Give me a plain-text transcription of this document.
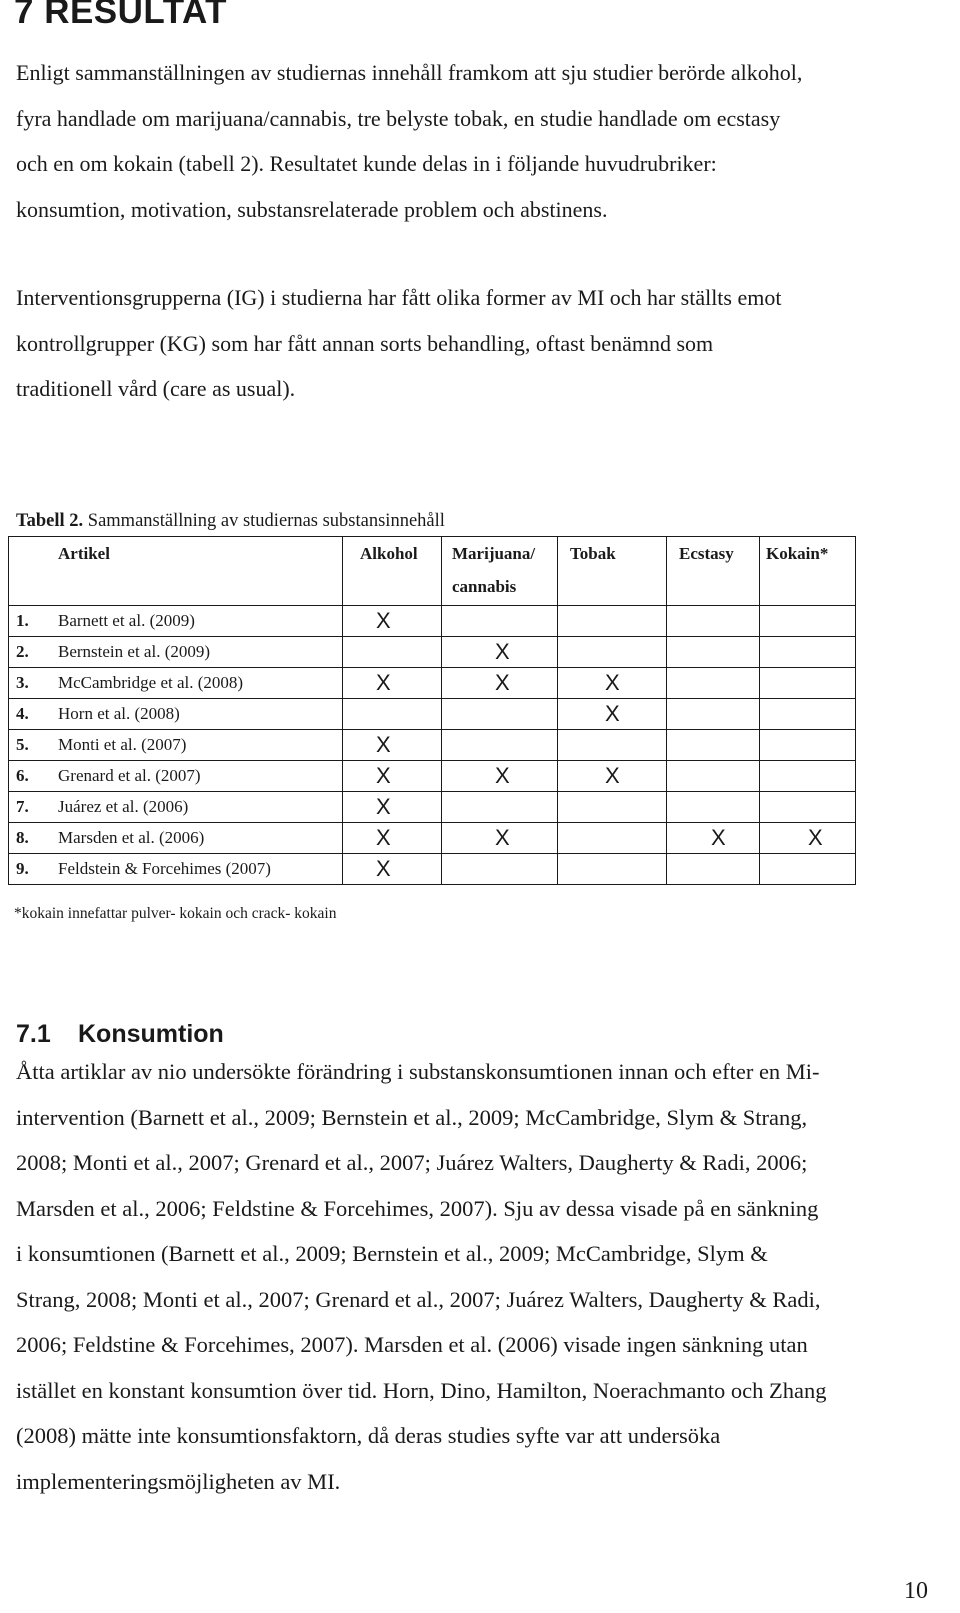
7 RESULTAT
Enligt sammanställningen av studiernas innehåll framkom att sju studier berörde alkohol,
fyra handlade om marijuana/cannabis, tre belyste tobak, en studie handlade om ecstasy
och en om kokain (tabell 2). Resultatet kunde delas in i följande huvudrubriker:
konsumtion, motivation, substansrelaterade problem och abstinens.
Interventionsgrupperna (IG) i studierna har fått olika former av MI och har ställts emot
kontrollgrupper (KG) som har fått annan sorts behandling, oftast benämnd som
traditionell vård (care as usual).

Tabell 2. Sammanställning av studiernas substansinnehåll

	Artikel	Alkohol	Marijuana/
cannabis	Tobak	Ecstasy	Kokain*

1.	Barnett et al. (2009)	X				

2.	Bernstein et al. (2009)		X			

3.	McCambridge et al. (2008)	X	X	X		

4.	Horn et al. (2008)			X		

5.	Monti et al. (2007)	X				

6.	Grenard et al. (2007)	X	X	X		

7.	Juárez et al. (2006)	X				

8.	Marsden et al. (2006)	X	X		X	X

9.	Feldstein & Forcehimes (2007)	X				

*kokain innefattar pulver- kokain och crack- kokain

7.1 Konsumtion
Åtta artiklar av nio undersökte förändring i substanskonsumtionen innan och efter en Mi-
intervention (Barnett et al., 2009; Bernstein et al., 2009; McCambridge, Slym & Strang,
2008; Monti et al., 2007; Grenard et al., 2007; Juárez Walters, Daugherty & Radi, 2006;
Marsden et al., 2006; Feldstine & Forcehimes, 2007). Sju av dessa visade på en sänkning
i konsumtionen (Barnett et al., 2009; Bernstein et al., 2009; McCambridge, Slym &
Strang, 2008; Monti et al., 2007; Grenard et al., 2007; Juárez Walters, Daugherty & Radi,
2006; Feldstine & Forcehimes, 2007). Marsden et al. (2006) visade ingen sänkning utan
istället en konstant konsumtion över tid. Horn, Dino, Hamilton, Noerachmanto och Zhang
(2008) mätte inte konsumtionsfaktorn, då deras studies syfte var att undersöka
implementeringsmöjligheten av MI.

10
